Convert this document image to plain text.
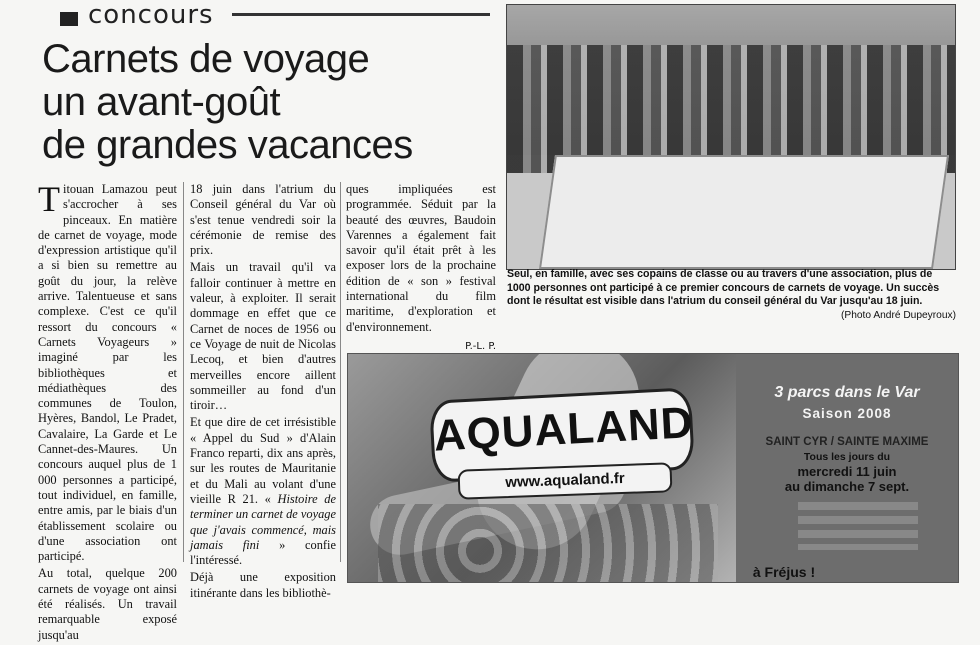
concours
Carnets de voyage
un avant-goût
de grandes vacances

Titouan Lamazou peut s'accrocher à ses pinceaux. En matière de carnet de voyage, mode d'expression artistique qu'il a si bien su remettre au goût du jour, la relève arrive. Talentueuse et sans complexe. C'est ce qu'il ressort du concours « Carnets Voyageurs » imaginé par les bibliothèques et médiathèques des communes de Toulon, Hyères, Bandol, Le Pradet, Cavalaire, La Garde et Le Cannet-des-Maures. Un concours auquel plus de 1 000 personnes a participé, tout individuel, en famille, entre amis, par le biais d'un établissement scolaire ou d'une association ont participé.

Au total, quelque 200 carnets de voyage ont ainsi été réalisés. Un travail remarquable exposé jusqu'au

18 juin dans l'atrium du Conseil général du Var où s'est tenue vendredi soir la cérémonie de remise des prix.

Mais un travail qu'il va falloir continuer à mettre en valeur, à exploiter. Il serait dommage en effet que ce Carnet de noces de 1956 ou ce Voyage de nuit de Nicolas Lecoq, et bien d'autres merveilles encore aillent sommeiller au fond d'un tiroir…

Et que dire de cet irrésistible « Appel du Sud » d'Alain Franco reparti, dix ans après, sur les routes de Mauritanie et du Mali au volant d'une vieille R 21. « Histoire de terminer un carnet de voyage que j'avais commencé, mais jamais fini » confie l'intéressé.

Déjà une exposition itinérante dans les bibliothè-

ques impliquées est programmée. Séduit par la beauté des œuvres, Baudoin Varennes a également fait savoir qu'il était prêt à les exposer lors de la prochaine édition de « son » festival international du film maritime, d'exploration et d'environnement.

P.-L. P.
Seul, en famille, avec ses copains de classe ou au travers d'une association, plus de 1000 personnes ont participé à ce premier concours de carnets de voyage. Un succès dont le résultat est visible dans l'atrium du conseil général du Var jusqu'au 18 juin.
(Photo André Dupeyroux)
AQUALAND
www.aqualand.fr
3 parcs dans le Var
Saison 2008
SAINT CYR / SAINTE MAXIME
Tous les jours du
mercredi 11 juin
au dimanche 7 sept.
à Fréjus !
